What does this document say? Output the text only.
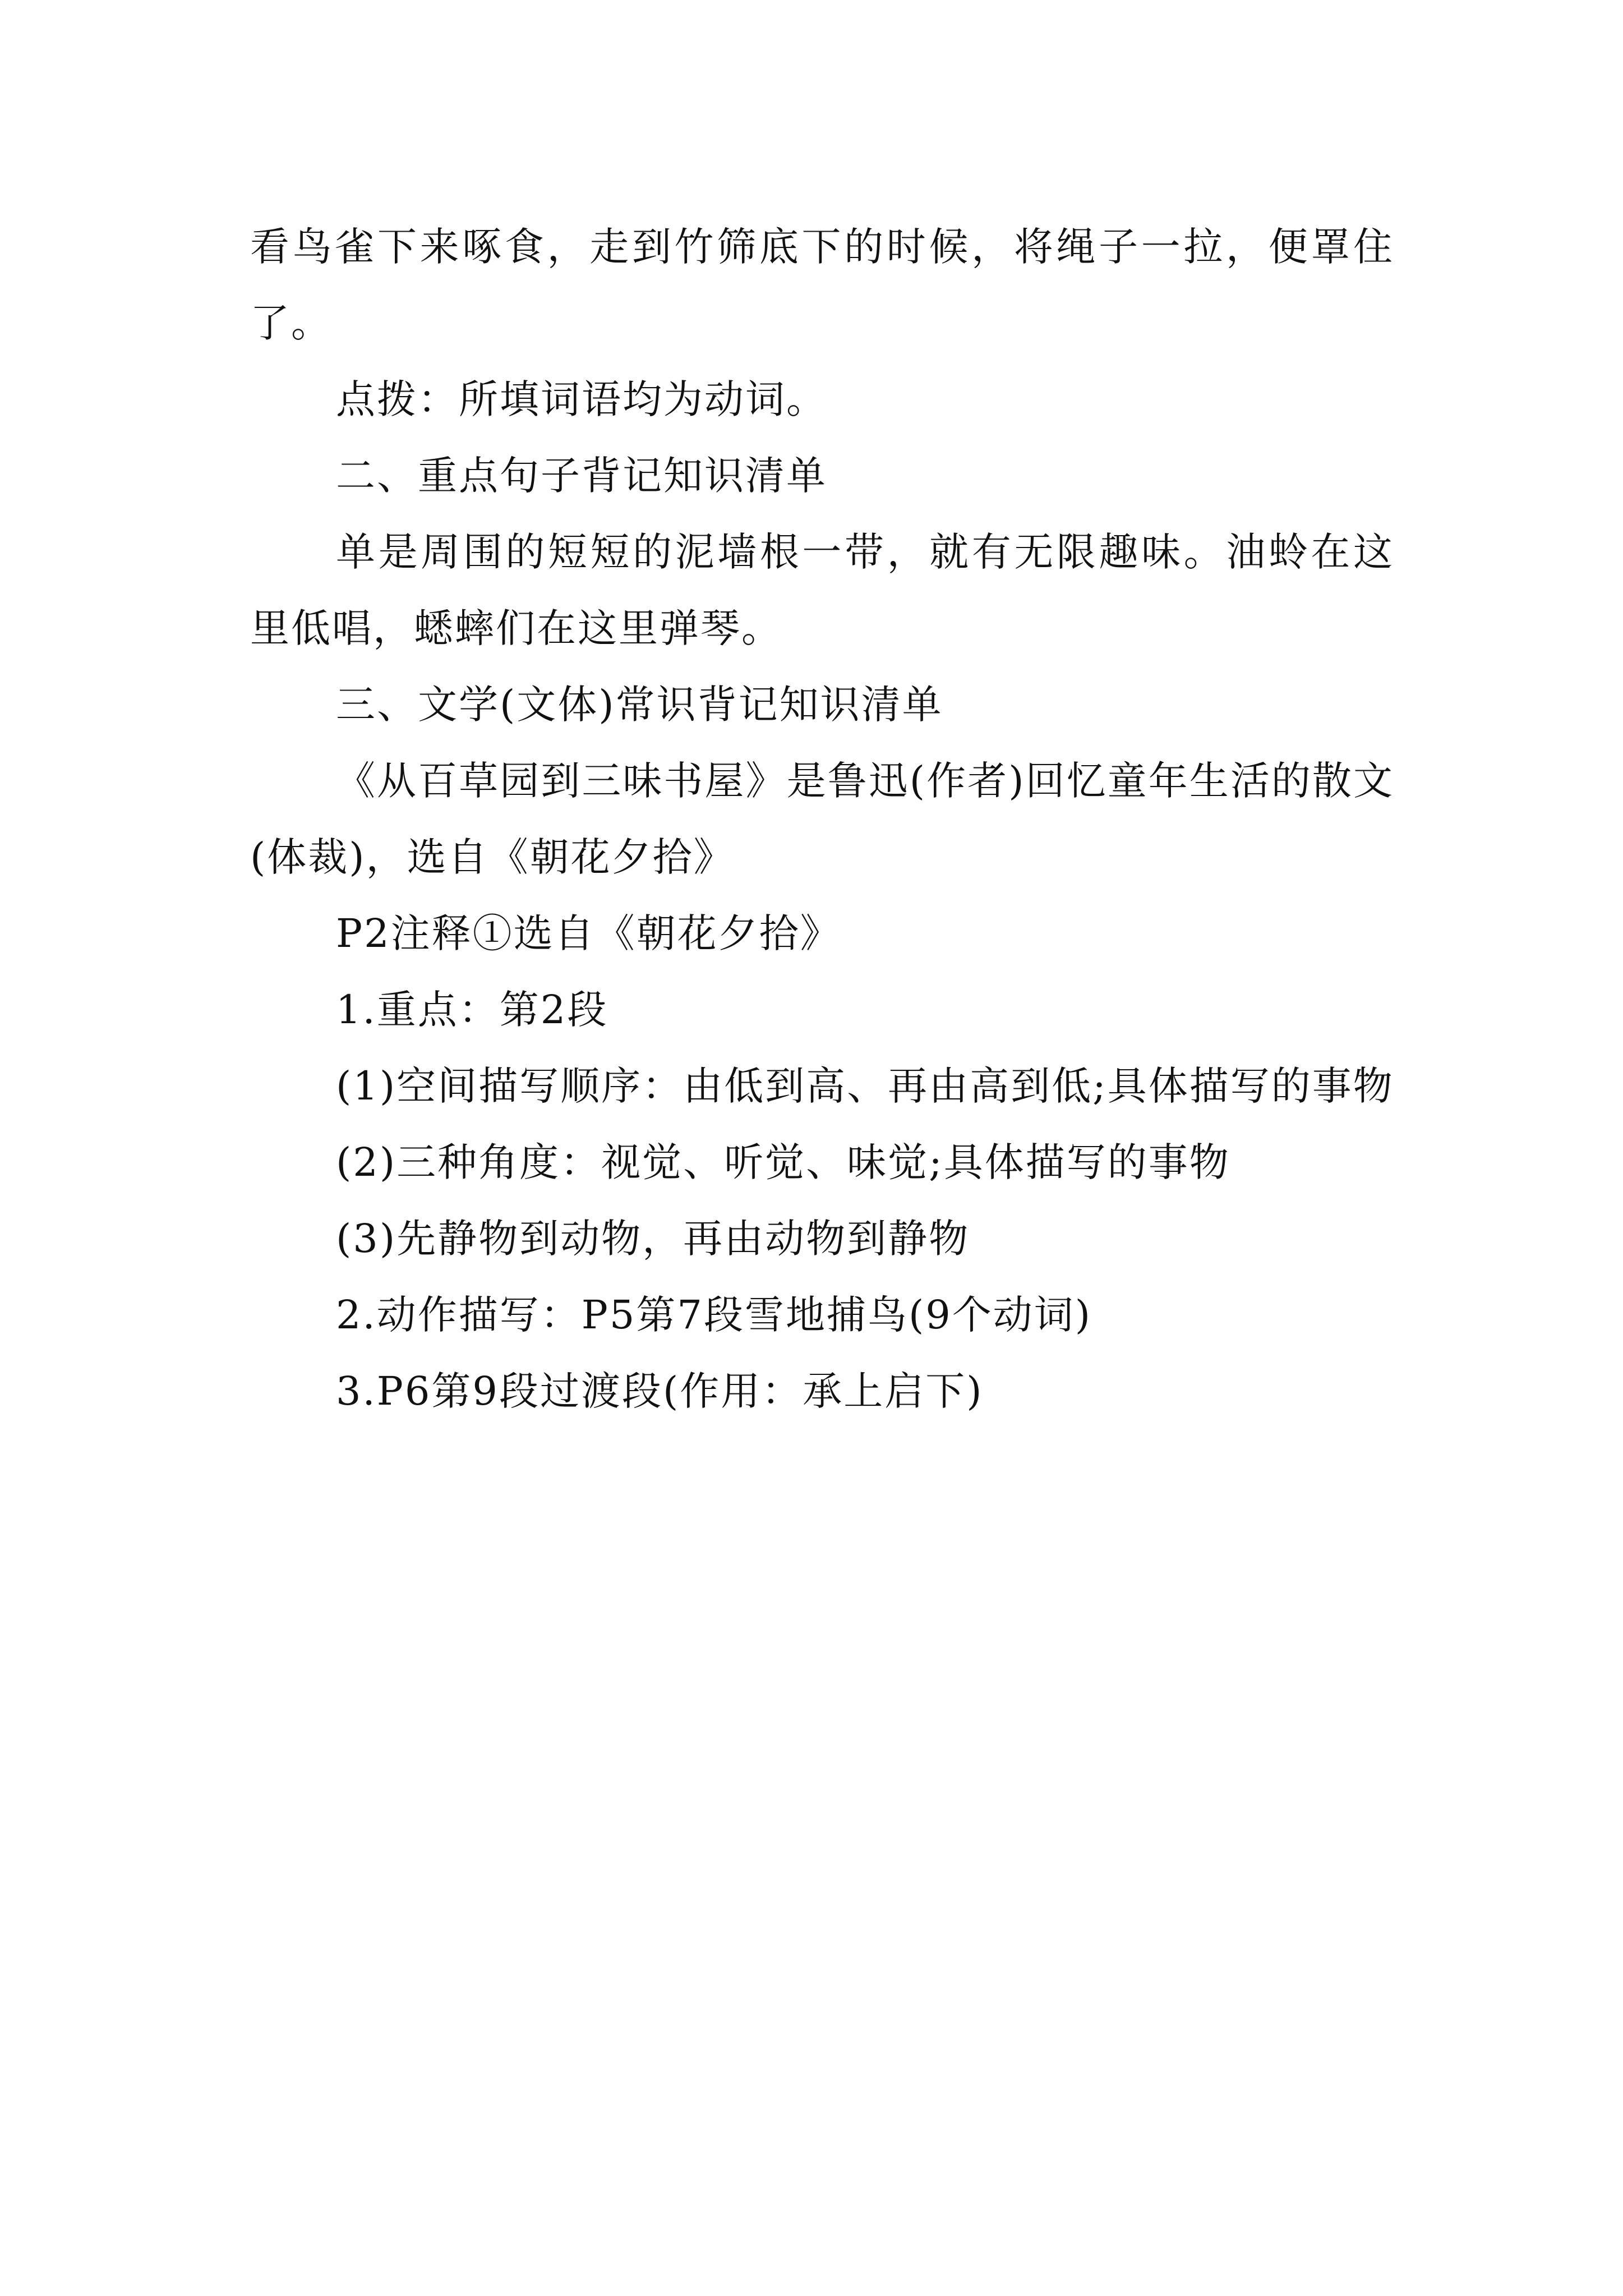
看鸟雀下来啄食，走到竹筛底下的时候，将绳子一拉，便罩住了。

点拨：所填词语均为动词。

二、重点句子背记知识清单

单是周围的短短的泥墙根一带，就有无限趣味。油蛉在这里低唱，蟋蟀们在这里弹琴。

三、文学(文体)常识背记知识清单

《从百草园到三味书屋》是鲁迅(作者)回忆童年生活的散文(体裁)，选自《朝花夕拾》

P2注释①选自《朝花夕拾》

1.重点：第2段

(1)空间描写顺序：由低到高、再由高到低;具体描写的事物

(2)三种角度：视觉、听觉、味觉;具体描写的事物

(3)先静物到动物，再由动物到静物

2.动作描写：P5第7段雪地捕鸟(9个动词)

3.P6第9段过渡段(作用：承上启下)
